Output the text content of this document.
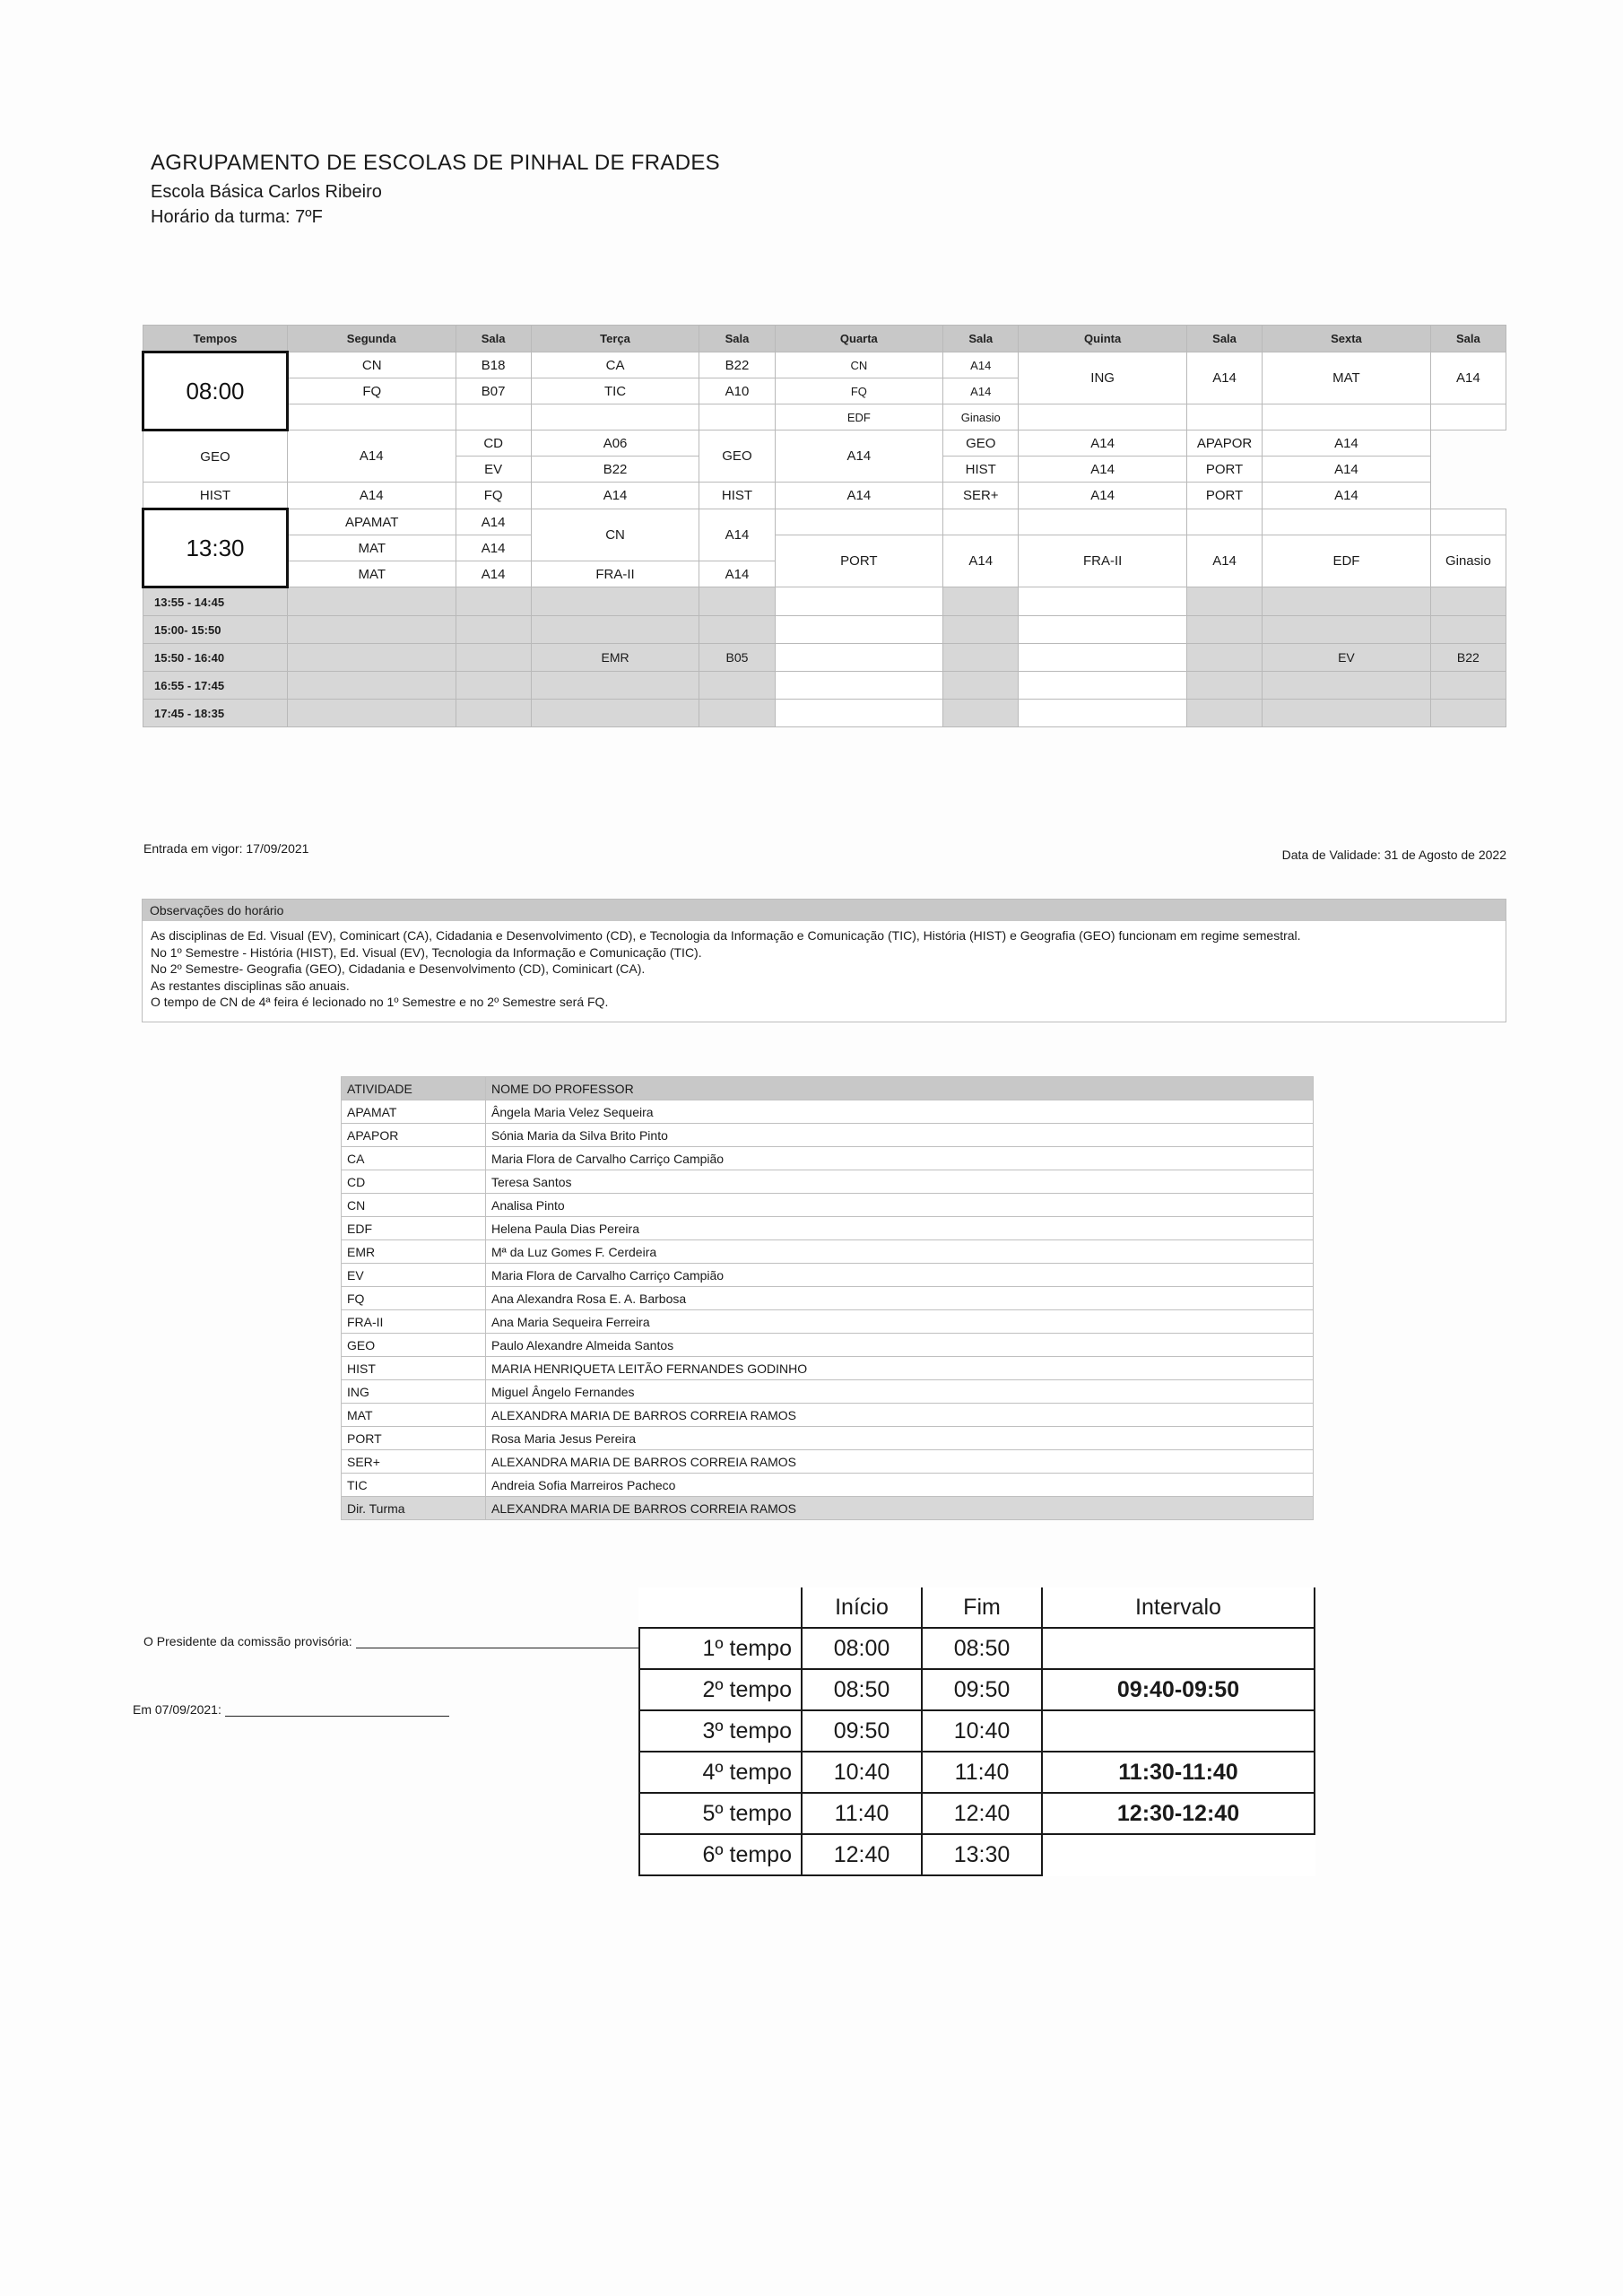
AGRUPAMENTO DE ESCOLAS DE PINHAL DE FRADES
Escola Básica Carlos Ribeiro
Horário da turma: 7ºF
Tempos	Segunda	Sala	Terça	Sala	Quarta	Sala	Quinta	Sala	Sexta	Sala
08:00	CN	B18	CA	B22	CN	A14	ING	A14	MAT	A14
	FQ	B07	TIC	A10	FQ	A14				
					EDF	Ginasio				
GEO	A14	CD	A06	GEO	A14	GEO	A14	APAPOR	A14	
		EV	B22			HIST	A14	PORT	A14	
HIST	A14	FQ	A14	HIST	A14	SER+	A14	PORT	A14	
13:30	APAMAT	A14	CN	A14						
	MAT	A14			PORT	A14	FRA-II	A14	EDF	Ginasio
	MAT	A14	FRA-II	A14						
13:55 - 14:45										
15:00- 15:50										
15:50 - 16:40			EMR	B05					EV	B22
16:55 - 17:45										
17:45 - 18:35										
Entrada em vigor: 17/09/2021	Data de Validade: 31 de Agosto de 2022
Observações do horário
As disciplinas de Ed. Visual (EV), Cominicart (CA), Cidadania e Desenvolvimento (CD), e Tecnologia da Informação e Comunicação (TIC), História (HIST) e Geografia (GEO) funcionam em regime semestral.
No 1º Semestre - História (HIST), Ed. Visual (EV), Tecnologia da Informação e Comunicação (TIC).
No 2º Semestre- Geografia (GEO), Cidadania e Desenvolvimento (CD), Cominicart (CA).
As restantes disciplinas são anuais.
O tempo de CN de 4ª feira é lecionado no 1º Semestre e no 2º Semestre será FQ.
ATIVIDADE	NOME DO PROFESSOR
APAMAT	Ângela Maria Velez Sequeira
APAPOR	Sónia Maria da Silva Brito Pinto
CA	Maria Flora de Carvalho Carriço Campião
CD	Teresa Santos
CN	Analisa Pinto
EDF	Helena Paula Dias Pereira
EMR	Mª da Luz Gomes F. Cerdeira
EV	Maria Flora de Carvalho Carriço Campião
FQ	Ana Alexandra Rosa E. A. Barbosa
FRA-II	Ana Maria Sequeira Ferreira
GEO	Paulo Alexandre Almeida Santos
HIST	MARIA HENRIQUETA LEITÃO FERNANDES GODINHO
ING	Miguel Ângelo Fernandes
MAT	ALEXANDRA MARIA DE BARROS CORREIA RAMOS
PORT	Rosa Maria Jesus Pereira
SER+	ALEXANDRA MARIA DE BARROS CORREIA RAMOS
TIC	Andreia Sofia Marreiros Pacheco
Dir. Turma	ALEXANDRA MARIA DE BARROS CORREIA RAMOS
O Presidente da comissão provisória:
Em 07/09/2021:
	Início	Fim	Intervalo
1º tempo	08:00	08:50	
2º tempo	08:50	09:50	09:40-09:50
3º tempo	09:50	10:40	
4º tempo	10:40	11:40	11:30-11:40
5º tempo	11:40	12:40	12:30-12:40
6º tempo	12:40	13:30	
